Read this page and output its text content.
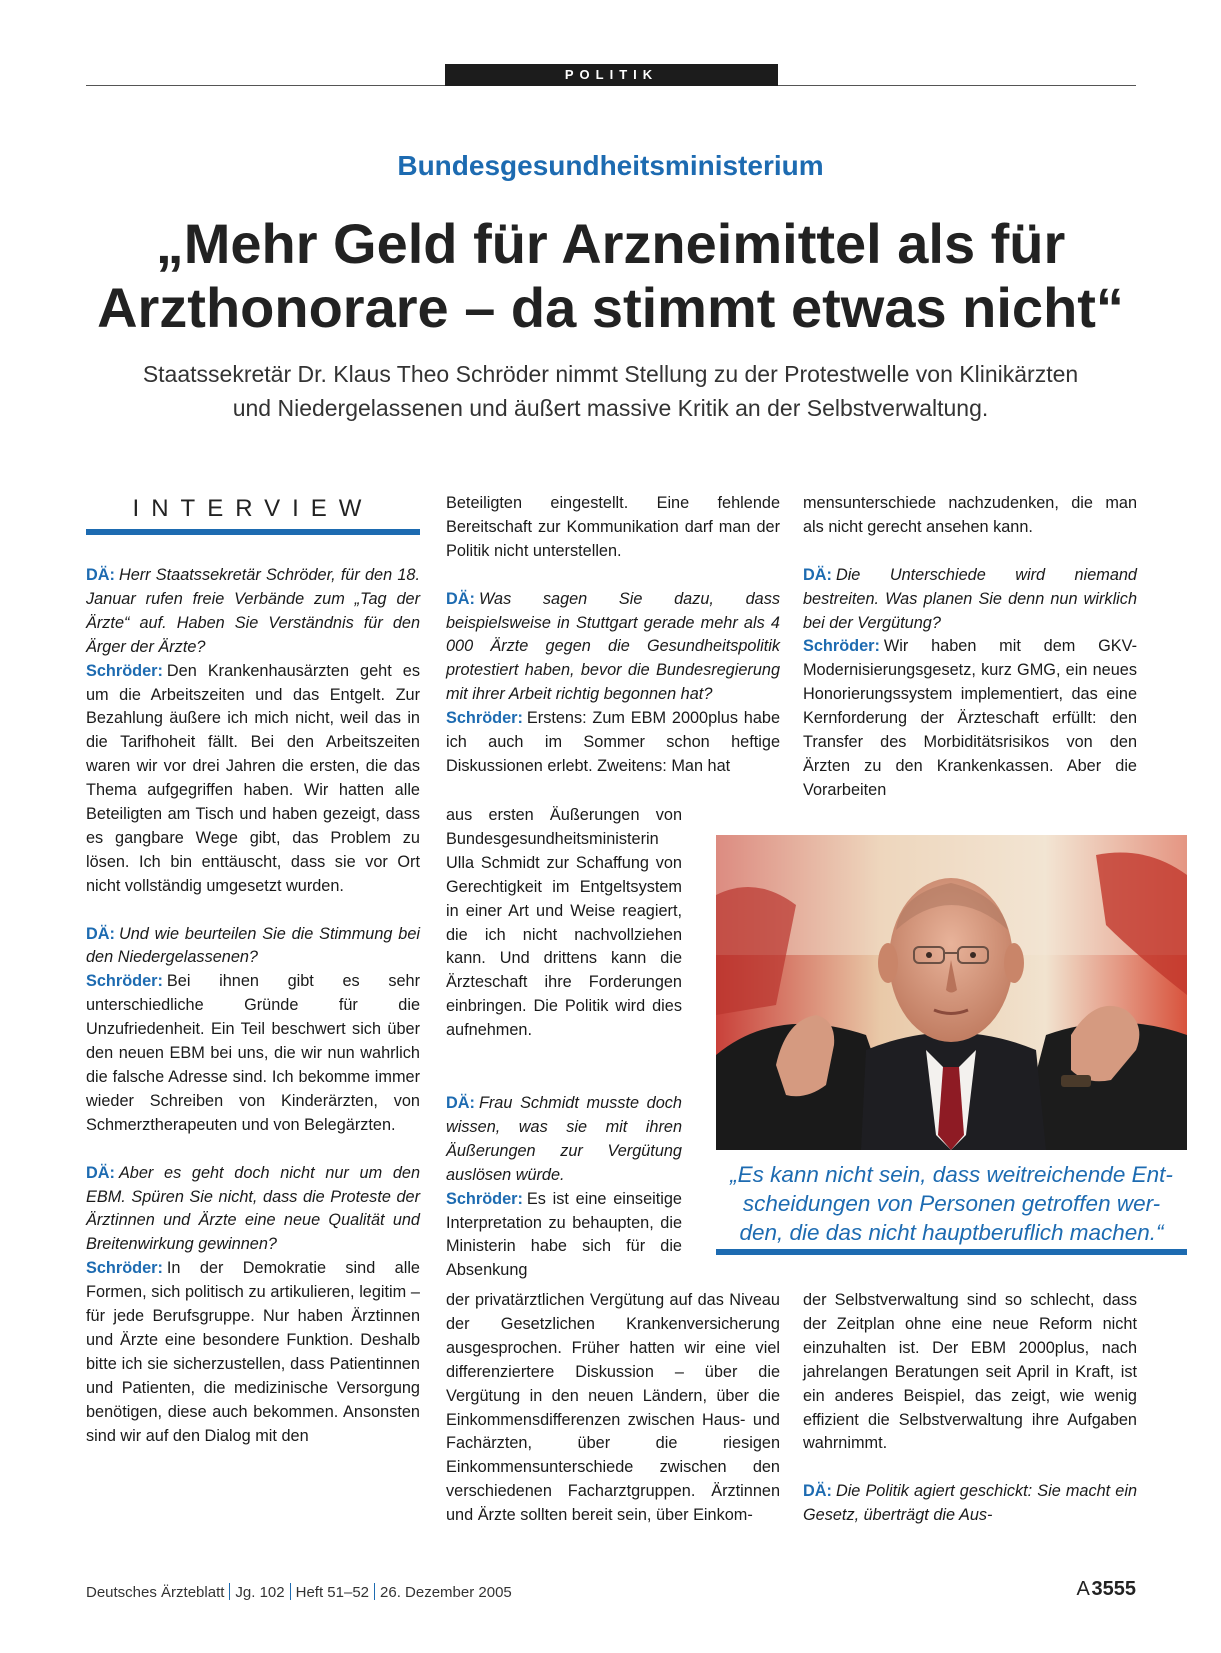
POLITIK
Bundesgesundheitsministerium
„Mehr Geld für Arzneimittel als für
Arzthonorare – da stimmt etwas nicht“
Staatssekretär Dr. Klaus Theo Schröder nimmt Stellung zu der Protestwelle von Klinikärzten
und Niedergelassenen und äußert massive Kritik an der Selbstverwaltung.
INTERVIEW

DÄ: Herr Staatssekretär Schröder, für den 18. Januar rufen freie Verbände zum „Tag der Ärzte“ auf. Haben Sie Verständnis für den Ärger der Ärzte?
Schröder: Den Krankenhausärzten geht es um die Arbeitszeiten und das Entgelt. Zur Bezahlung äußere ich mich nicht, weil das in die Tarifhoheit fällt. Bei den Arbeitszeiten waren wir vor drei Jahren die ersten, die das Thema aufgegriffen haben. Wir hatten alle Beteiligten am Tisch und haben gezeigt, dass es gangbare Wege gibt, das Problem zu lösen. Ich bin enttäuscht, dass sie vor Ort nicht vollständig umgesetzt wurden.

DÄ: Und wie beurteilen Sie die Stimmung bei den Niedergelassenen?
Schröder: Bei ihnen gibt es sehr unterschiedliche Gründe für die Unzufriedenheit. Ein Teil beschwert sich über den neuen EBM bei uns, die wir nun wahrlich die falsche Adresse sind. Ich bekomme immer wieder Schreiben von Kinderärzten, von Schmerztherapeuten und von Belegärzten.

DÄ: Aber es geht doch nicht nur um den EBM. Spüren Sie nicht, dass die Proteste der Ärztinnen und Ärzte eine neue Qualität und Breitenwirkung gewinnen?
Schröder: In der Demokratie sind alle Formen, sich politisch zu artikulieren, legitim – für jede Berufsgruppe. Nur haben Ärztinnen und Ärzte eine besondere Funktion. Deshalb bitte ich sie sicherzustellen, dass Patientinnen und Patienten, die medizinische Versorgung benötigen, diese auch bekommen. Ansonsten sind wir auf den Dialog mit den

Beteiligten eingestellt. Eine fehlende Bereitschaft zur Kommunikation darf man der Politik nicht unterstellen.

DÄ: Was sagen Sie dazu, dass beispielsweise in Stuttgart gerade mehr als 4 000 Ärzte gegen die Gesundheitspolitik protestiert haben, bevor die Bundesregierung mit ihrer Arbeit richtig begonnen hat?
Schröder: Erstens: Zum EBM 2000plus habe ich auch im Sommer schon heftige Diskussionen erlebt. Zweitens: Man hat

aus ersten Äußerungen von Bundesgesundheitsministerin Ulla Schmidt zur Schaffung von Gerechtigkeit im Entgeltsystem in einer Art und Weise reagiert, die ich nicht nachvollziehen kann. Und drittens kann die Ärzteschaft ihre Forderungen einbringen. Die Politik wird dies aufnehmen.

DÄ: Frau Schmidt musste doch wissen, was sie mit ihren Äußerungen zur Vergütung auslösen würde.
Schröder: Es ist eine einseitige Interpretation zu behaupten, die Ministerin habe sich für die Absenkung

der privatärztlichen Vergütung auf das Niveau der Gesetzlichen Krankenversicherung ausgesprochen. Früher hatten wir eine viel differenziertere Diskussion – über die Vergütung in den neuen Ländern, über die Einkommensdifferenzen zwischen Haus- und Fachärzten, über die riesigen Einkommensunterschiede zwischen den verschiedenen Facharztgruppen. Ärztinnen und Ärzte sollten bereit sein, über Einkom-

mensunterschiede nachzudenken, die man als nicht gerecht ansehen kann.

DÄ: Die Unterschiede wird niemand bestreiten. Was planen Sie denn nun wirklich bei der Vergütung?
Schröder: Wir haben mit dem GKV-Modernisierungsgesetz, kurz GMG, ein neues Honorierungssystem implementiert, das eine Kernforderung der Ärzteschaft erfüllt: den Transfer des Morbiditätsrisikos von den Ärzten zu den Krankenkassen. Aber die Vorarbeiten

der Selbstverwaltung sind so schlecht, dass der Zeitplan ohne eine neue Reform nicht einzuhalten ist. Der EBM 2000plus, nach jahrelangen Beratungen seit April in Kraft, ist ein anderes Beispiel, das zeigt, wie wenig effizient die Selbstverwaltung ihre Aufgaben wahrnimmt.

DÄ: Die Politik agiert geschickt: Sie macht ein Gesetz, überträgt die Aus-

„Es kann nicht sein, dass weitreichende Ent-
scheidungen von Personen getroffen wer-
den, die das nicht hauptberuflich machen.“
Deutsches Ärzteblatt Jg. 102 Heft 51–52 26. Dezember 2005	A 3555
